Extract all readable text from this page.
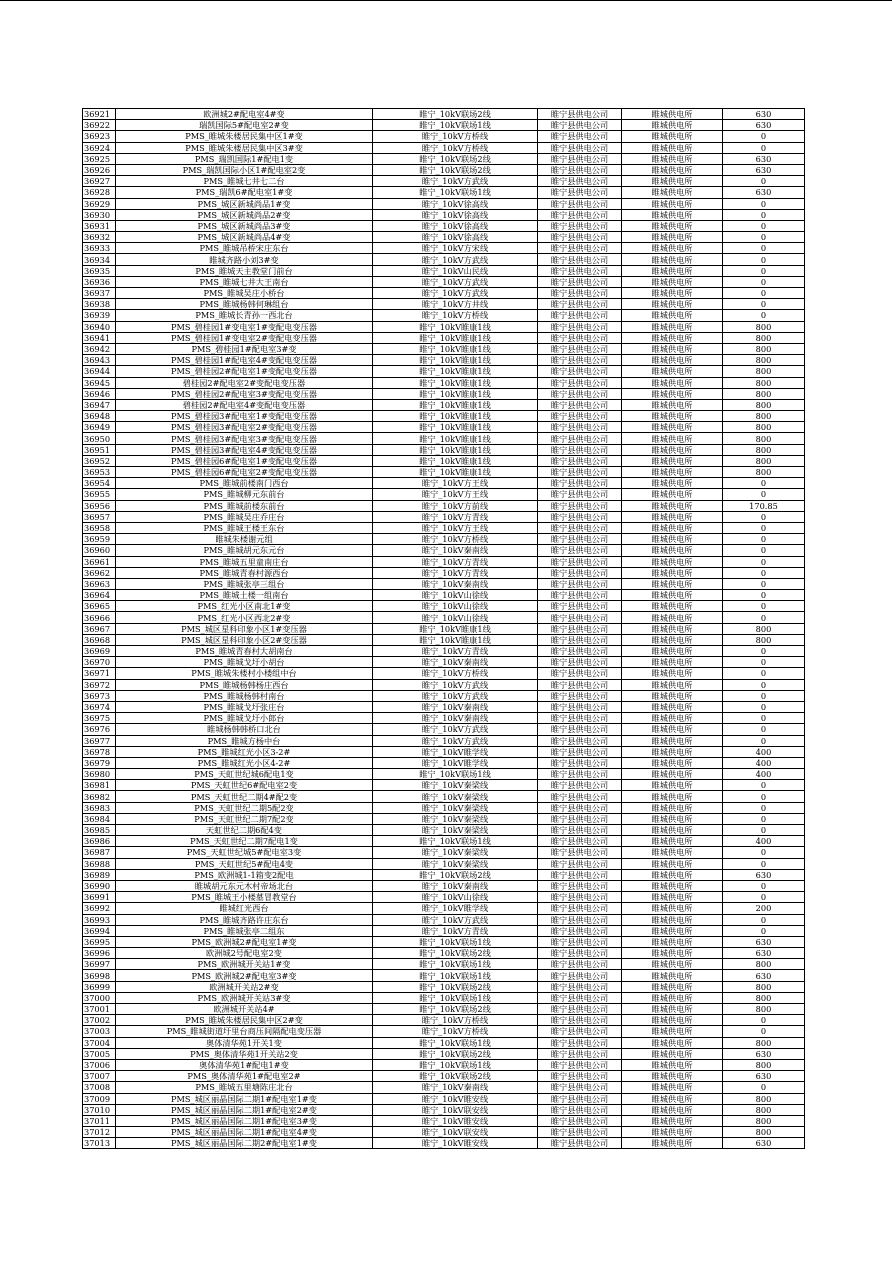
36921	欧洲城2#配电室4#变	睢宁_10kV联场2线	睢宁县供电公司	睢城供电所	630
36922	瑞凯国际5#配电室2#变	睢宁_10kV联场1线	睢宁县供电公司	睢城供电所	630
36923	PMS_睢城朱楼居民集中区1#变	睢宁_10kV方桥线	睢宁县供电公司	睢城供电所	0
36924	PMS_睢城朱楼居民集中区3#变	睢宁_10kV方桥线	睢宁县供电公司	睢城供电所	0
36925	PMS_瑞凯国际1#配电1变	睢宁_10kV联场2线	睢宁县供电公司	睢城供电所	630
36926	PMS_瑞凯国际小区1#配电室2变	睢宁_10kV联场2线	睢宁县供电公司	睢城供电所	630
36927	PMS_睢城七井七二台	睢宁_10kV方武线	睢宁县供电公司	睢城供电所	0
36928	PMS_瑞凯6#配电室1#变	睢宁_10kV联场1线	睢宁县供电公司	睢城供电所	630
36929	PMS_城区新城尚品1#变	睢宁_10kV徐高线	睢宁县供电公司	睢城供电所	0
36930	PMS_城区新城尚品2#变	睢宁_10kV徐高线	睢宁县供电公司	睢城供电所	0
36931	PMS_城区新城尚品3#变	睢宁_10kV徐高线	睢宁县供电公司	睢城供电所	0
36932	PMS_城区新城尚品4#变	睢宁_10kV徐高线	睢宁县供电公司	睢城供电所	0
36933	PMS_睢城吊桥宋庄东台	睢宁_10kV方宋线	睢宁县供电公司	睢城供电所	0
36934	睢城齐路小刘3#变	睢宁_10kV方武线	睢宁县供电公司	睢城供电所	0
36935	PMS_睢城天主教堂门前台	睢宁_10kV山民线	睢宁县供电公司	睢城供电所	0
36936	PMS_睢城七井大王南台	睢宁_10kV方武线	睢宁县供电公司	睢城供电所	0
36937	PMS_睢城吴庄小桥台	睢宁_10kV方武线	睢宁县供电公司	睢城供电所	0
36938	PMS_睢城杨韩何琳组台	睢宁_10kV方井线	睢宁县供电公司	睢城供电所	0
36939	PMS_睢城长青孙一西北台	睢宁_10kV方桥线	睢宁县供电公司	睢城供电所	0
36940	PMS_碧桂园1#变电室1#变配电变压器	睢宁_10kV睢康1线	睢宁县供电公司	睢城供电所	800
36941	PMS_碧桂园1#变电室2#变配电变压器	睢宁_10kV睢康1线	睢宁县供电公司	睢城供电所	800
36942	PMS_碧桂园1#配电室3#变	睢宁_10kV睢康1线	睢宁县供电公司	睢城供电所	800
36943	PMS_碧桂园1#配电室4#变配电变压器	睢宁_10kV睢康1线	睢宁县供电公司	睢城供电所	800
36944	PMS_碧桂园2#配电室1#变配电变压器	睢宁_10kV睢康1线	睢宁县供电公司	睢城供电所	800
36945	碧桂园2#配电室2#变配电变压器	睢宁_10kV睢康1线	睢宁县供电公司	睢城供电所	800
36946	PMS_碧桂园2#配电室3#变配电变压器	睢宁_10kV睢康1线	睢宁县供电公司	睢城供电所	800
36947	碧桂园2#配电室4#变配电变压器	睢宁_10kV睢康1线	睢宁县供电公司	睢城供电所	800
36948	PMS_碧桂园3#配电室1#变配电变压器	睢宁_10kV睢康1线	睢宁县供电公司	睢城供电所	800
36949	PMS_碧桂园3#配电室2#变配电变压器	睢宁_10kV睢康1线	睢宁县供电公司	睢城供电所	800
36950	PMS_碧桂园3#配电室3#变配电变压器	睢宁_10kV睢康1线	睢宁县供电公司	睢城供电所	800
36951	PMS_碧桂园3#配电室4#变配电变压器	睢宁_10kV睢康1线	睢宁县供电公司	睢城供电所	800
36952	PMS_碧桂园6#配电室1#变配电变压器	睢宁_10kV睢康1线	睢宁县供电公司	睢城供电所	800
36953	PMS_碧桂园6#配电室2#变配电变压器	睢宁_10kV睢康1线	睢宁县供电公司	睢城供电所	800
36954	PMS_睢城前楼南门西台	睢宁_10kV方王线	睢宁县供电公司	睢城供电所	0
36955	PMS_睢城柳元东前台	睢宁_10kV方王线	睢宁县供电公司	睢城供电所	0
36956	PMS_睢城前楼东前台	睢宁_10kV方前线	睢宁县供电公司	睢城供电所	170.85
36957	PMS_睢城吴庄乔庄台	睢宁_10kV方青线	睢宁县供电公司	睢城供电所	0
36958	PMS_睢城王楼王东台	睢宁_10kV方王线	睢宁县供电公司	睢城供电所	0
36959	睢城朱楼谢元组	睢宁_10kV方桥线	睢宁县供电公司	睢城供电所	0
36960	PMS_睢城胡元东元台	睢宁_10kV秦南线	睢宁县供电公司	睢城供电所	0
36961	PMS_睢城五里童南庄台	睢宁_10kV方青线	睢宁县供电公司	睢城供电所	0
36962	PMS_睢城青春村源西台	睢宁_10kV方青线	睢宁县供电公司	睢城供电所	0
36963	PMS_睢城张亭三组台	睢宁_10kV秦南线	睢宁县供电公司	睢城供电所	0
36964	PMS_睢城土楼一组南台	睢宁_10kV山徐线	睢宁县供电公司	睢城供电所	0
36965	PMS_红光小区南北1#变	睢宁_10kV山徐线	睢宁县供电公司	睢城供电所	0
36966	PMS_红光小区西北2#变	睢宁_10kV山徐线	睢宁县供电公司	睢城供电所	0
36967	PMS_城区星科印象小区1#变压器	睢宁_10kV睢康1线	睢宁县供电公司	睢城供电所	800
36968	PMS_城区星科印象小区2#变压器	睢宁_10kV睢康1线	睢宁县供电公司	睢城供电所	800
36969	PMS_睢城青春村大胡南台	睢宁_10kV方青线	睢宁县供电公司	睢城供电所	0
36970	PMS_睢城戈圩小胡台	睢宁_10kV秦南线	睢宁县供电公司	睢城供电所	0
36971	PMS_睢城朱楼村小楼组中台	睢宁_10kV方桥线	睢宁县供电公司	睢城供电所	0
36972	PMS_睢城杨韩杨庄西台	睢宁_10kV方武线	睢宁县供电公司	睢城供电所	0
36973	PMS_睢城杨韩村南台	睢宁_10kV方武线	睢宁县供电公司	睢城供电所	0
36974	PMS_睢城戈圩张庄台	睢宁_10kV秦南线	睢宁县供电公司	睢城供电所	0
36975	PMS_睢城戈圩小郎台	睢宁_10kV秦南线	睢宁县供电公司	睢城供电所	0
36976	睢城杨韩韩桥口北台	睢宁_10kV方武线	睢宁县供电公司	睢城供电所	0
36977	PMS_睢城方杨中台	睢宁_10kV方武线	睢宁县供电公司	睢城供电所	0
36978	PMS_睢城红光小区3-2#	睢宁_10kV睢学线	睢宁县供电公司	睢城供电所	400
36979	PMS_睢城红光小区4-2#	睢宁_10kV睢学线	睢宁县供电公司	睢城供电所	400
36980	PMS_天虹世纪城6配电1变	睢宁_10kV联场1线	睢宁县供电公司	睢城供电所	400
36981	PMS_天虹世纪6#配电室2变	睢宁_10kV秦梁线	睢宁县供电公司	睢城供电所	0
36982	PMS_天虹世纪二期4#配2变	睢宁_10kV秦梁线	睢宁县供电公司	睢城供电所	0
36983	PMS_天虹世纪二期5配2变	睢宁_10kV秦梁线	睢宁县供电公司	睢城供电所	0
36984	PMS_天虹世纪二期7配2变	睢宁_10kV秦梁线	睢宁县供电公司	睢城供电所	0
36985	天虹世纪二期6配4变	睢宁_10kV秦梁线	睢宁县供电公司	睢城供电所	0
36986	PMS_天虹世纪二期7配电1变	睢宁_10kV联场1线	睢宁县供电公司	睢城供电所	400
36987	PMS_天虹世纪城5#配电室3变	睢宁_10kV秦梁线	睢宁县供电公司	睢城供电所	0
36988	PMS_天虹世纪5#配电4变	睢宁_10kV秦梁线	睢宁县供电公司	睢城供电所	0
36989	PMS_欧洲城1-1箱变2配电	睢宁_10kV联场2线	睢宁县供电公司	睢城供电所	630
36990	睢城胡元东元木村帝场北台	睢宁_10kV秦南线	睢宁县供电公司	睢城供电所	0
36991	PMS_睢城王小楼墓冒教堂台	睢宁_10kV山徐线	睢宁县供电公司	睢城供电所	0
36992	睢城红光西台	睢宁_10kV睢学线	睢宁县供电公司	睢城供电所	200
36993	PMS_睢城齐路许庄东台	睢宁_10kV方武线	睢宁县供电公司	睢城供电所	0
36994	PMS_睢城张亭二组东	睢宁_10kV方青线	睢宁县供电公司	睢城供电所	0
36995	PMS_欧洲城2#配电室1#变	睢宁_10kV联场1线	睢宁县供电公司	睢城供电所	630
36996	欧洲城2号配电室2变	睢宁_10kV联场2线	睢宁县供电公司	睢城供电所	630
36997	PMS_欧洲城开关站1#变	睢宁_10kV联场1线	睢宁县供电公司	睢城供电所	800
36998	PMS_欧洲城2#配电室3#变	睢宁_10kV联场1线	睢宁县供电公司	睢城供电所	630
36999	欧洲城开关站2#变	睢宁_10kV联场2线	睢宁县供电公司	睢城供电所	800
37000	PMS_欧洲城开关站3#变	睢宁_10kV联场1线	睢宁县供电公司	睢城供电所	800
37001	欧洲城开关站4#	睢宁_10kV联场2线	睢宁县供电公司	睢城供电所	800
37002	PMS_睢城朱楼居民集中区2#变	睢宁_10kV方桥线	睢宁县供电公司	睢城供电所	0
37003	PMS_睢城街道圩里台商压间隔配电变压器	睢宁_10kV方桥线	睢宁县供电公司	睢城供电所	0
37004	奥体清华苑1开关1变	睢宁_10kV联场1线	睢宁县供电公司	睢城供电所	800
37005	PMS_奥体清华苑1开关站2变	睢宁_10kV联场2线	睢宁县供电公司	睢城供电所	630
37006	奥体清华苑1#配电1#变	睢宁_10kV联场1线	睢宁县供电公司	睢城供电所	800
37007	PMS_奥体清华苑1#配电室2#	睢宁_10kV联场2线	睢宁县供电公司	睢城供电所	630
37008	PMS_睢城五里塘陈庄北台	睢宁_10kV秦南线	睢宁县供电公司	睢城供电所	0
37009	PMS_城区丽晶国际二期1#配电室1#变	睢宁_10kV睢安线	睢宁县供电公司	睢城供电所	800
37010	PMS_城区丽晶国际二期1#配电室2#变	睢宁_10kV联安线	睢宁县供电公司	睢城供电所	800
37011	PMS_城区丽晶国际二期1#配电室3#变	睢宁_10kV睢安线	睢宁县供电公司	睢城供电所	800
37012	PMS_城区丽晶国际二期1#配电室4#变	睢宁_10kV联安线	睢宁县供电公司	睢城供电所	800
37013	PMS_城区丽晶国际二期2#配电室1#变	睢宁_10kV睢安线	睢宁县供电公司	睢城供电所	630
